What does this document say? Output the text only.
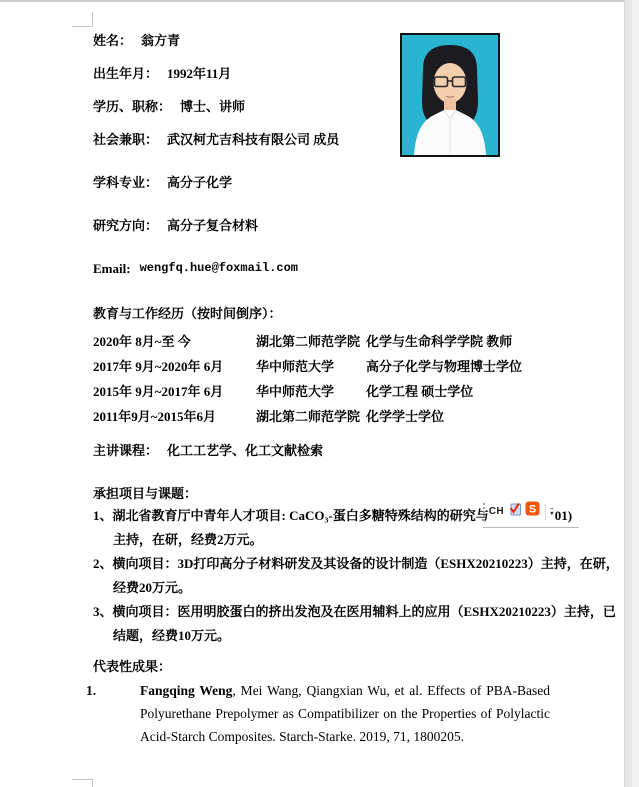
姓名： 翁方青
出生年月： 1992年11月
学历、职称： 博士、讲师
社会兼职： 武汉柯尤吉科技有限公司 成员
学科专业： 高分子化学
研究方向： 高分子复合材料
Email: wengfq.hue@foxmail.com
教育与工作经历（按时间倒序）：
2020年 8月~至 今	湖北第二师范学院 化学与生命科学学院 教师
2017年 9月~2020年 6月	华中师范大学	高分子化学与物理博士学位
2015年 9月~2017年 6月	华中师范大学	化学工程 硕士学位
2011年9月~2015年6月	湖北第二师范学院 化学学士学位
主讲课程： 化工工艺学、化工文献检索
承担项目与课题：
1、湖北省教育厅中青年人才项目: CaCO₃-蛋白多糖特殊结构的研究与 CH S –
▾ 01)
主持，在研，经费2万元。
2、横向项目：3D打印高分子材料研发及其设备的设计制造（ESHX20210223）主持，在研，
经费20万元。
3、横向项目：医用明胶蛋白的挤出发泡及在医用辅料上的应用（ESHX20210223）主持，已
结题，经费10万元。
代表性成果：
1.	Fangqing Weng, Mei Wang, Qiangxian Wu, et al. Effects of PBA-Based Polyurethane Prepolymer as Compatibilizer on the Properties of Polylactic Acid-Starch Composites. Starch-Starke. 2019, 71, 1800205.
